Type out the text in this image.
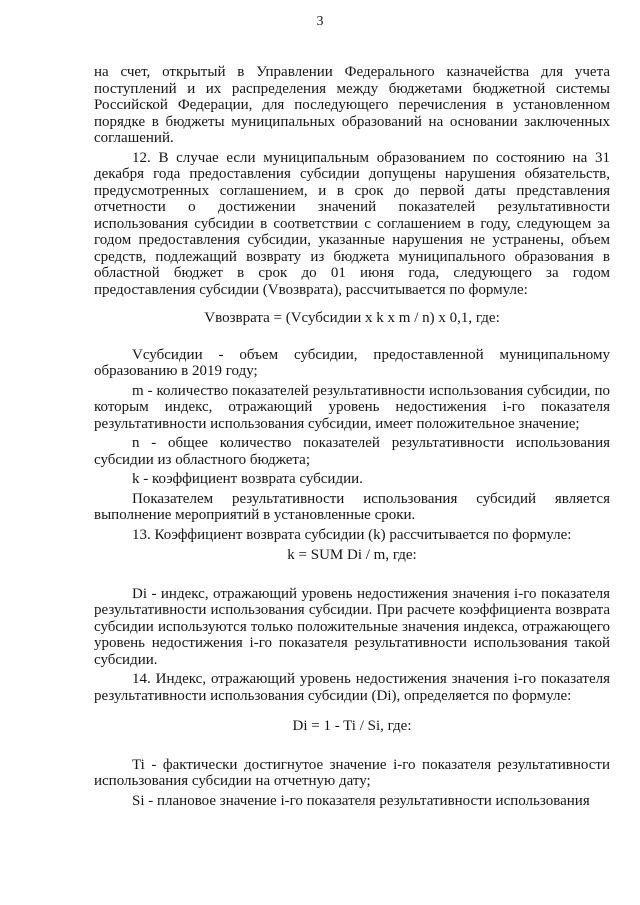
3

на счет, открытый в Управлении Федерального казначейства для учета поступлений и их распределения между бюджетами бюджетной системы Российской Федерации, для последующего перечисления в установленном порядке в бюджеты муниципальных образований на основании заключенных соглашений.

12. В случае если муниципальным образованием по состоянию на 31 декабря года предоставления субсидии допущены нарушения обязательств, предусмотренных соглашением, и в срок до первой даты представления отчетности о достижении значений показателей результативности использования субсидии в соответствии с соглашением в году, следующем за годом предоставления субсидии, указанные нарушения не устранены, объем средств, подлежащий возврату из бюджета муниципального образования в областной бюджет в срок до 01 июня года, следующего за годом предоставления субсидии (Vвозврата), рассчитывается по формуле:

Vвозврата = (Vсубсидии x k x m / n) x 0,1, где:

Vсубсидии - объем субсидии, предоставленной муниципальному образованию в 2019 году;

m - количество показателей результативности использования субсидии, по которым индекс, отражающий уровень недостижения i-го показателя результативности использования субсидии, имеет положительное значение;

n - общее количество показателей результативности использования субсидии из областного бюджета;

k - коэффициент возврата субсидии.

Показателем результативности использования субсидий является выполнение мероприятий в установленные сроки.

13. Коэффициент возврата субсидии (k) рассчитывается по формуле:

k = SUM Di / m, где:

Di - индекс, отражающий уровень недостижения значения i-го показателя результативности использования субсидии. При расчете коэффициента возврата субсидии используются только положительные значения индекса, отражающего уровень недостижения i-го показателя результативности использования такой субсидии.

14. Индекс, отражающий уровень недостижения значения i-го показателя результативности использования субсидии (Di), определяется по формуле:

Di = 1 - Ti / Si, где:

Ti - фактически достигнутое значение i-го показателя результативности использования субсидии на отчетную дату;

Si - плановое значение i-го показателя результативности использования
